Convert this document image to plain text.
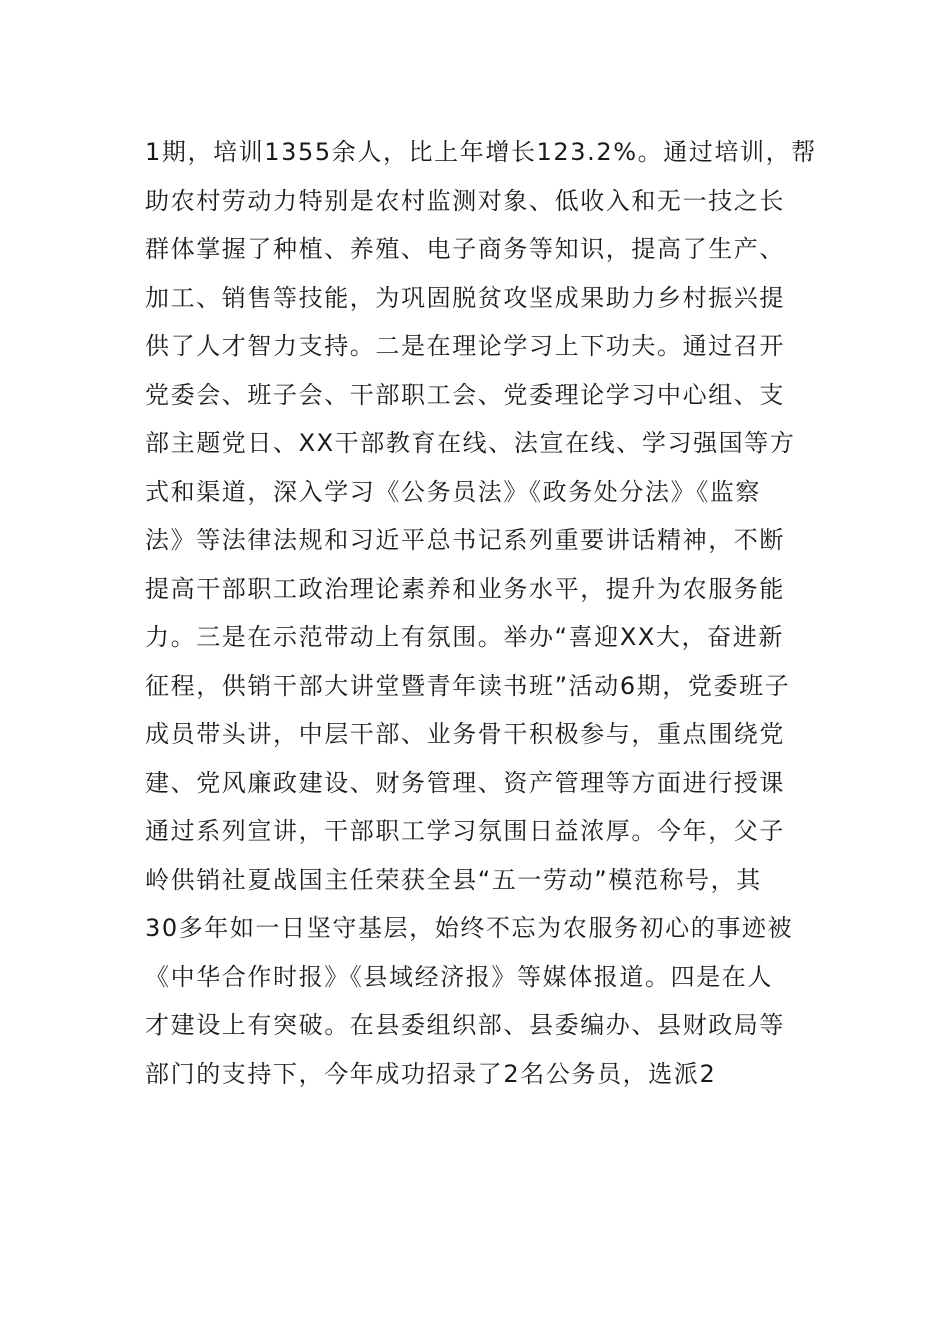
1期，培训1355余人，比上年增长123.2%。通过培训，帮
助农村劳动力特别是农村监测对象、低收入和无一技之长
群体掌握了种植、养殖、电子商务等知识，提高了生产、
加工、销售等技能，为巩固脱贫攻坚成果助力乡村振兴提
供了人才智力支持。二是在理论学习上下功夫。通过召开
党委会、班子会、干部职工会、党委理论学习中心组、支
部主题党日、XX干部教育在线、法宣在线、学习强国等方
式和渠道，深入学习《公务员法》《政务处分法》《监察
法》等法律法规和习近平总书记系列重要讲话精神，不断
提高干部职工政治理论素养和业务水平，提升为农服务能
力。三是在示范带动上有氛围。举办“喜迎XX大，奋进新
征程，供销干部大讲堂暨青年读书班”活动6期，党委班子
成员带头讲，中层干部、业务骨干积极参与，重点围绕党
建、党风廉政建设、财务管理、资产管理等方面进行授课
通过系列宣讲，干部职工学习氛围日益浓厚。今年，父子
岭供销社夏战国主任荣获全县“五一劳动”模范称号，其
30多年如一日坚守基层，始终不忘为农服务初心的事迹被
《中华合作时报》《县域经济报》等媒体报道。四是在人
才建设上有突破。在县委组织部、县委编办、县财政局等
部门的支持下，今年成功招录了2名公务员，选派2
